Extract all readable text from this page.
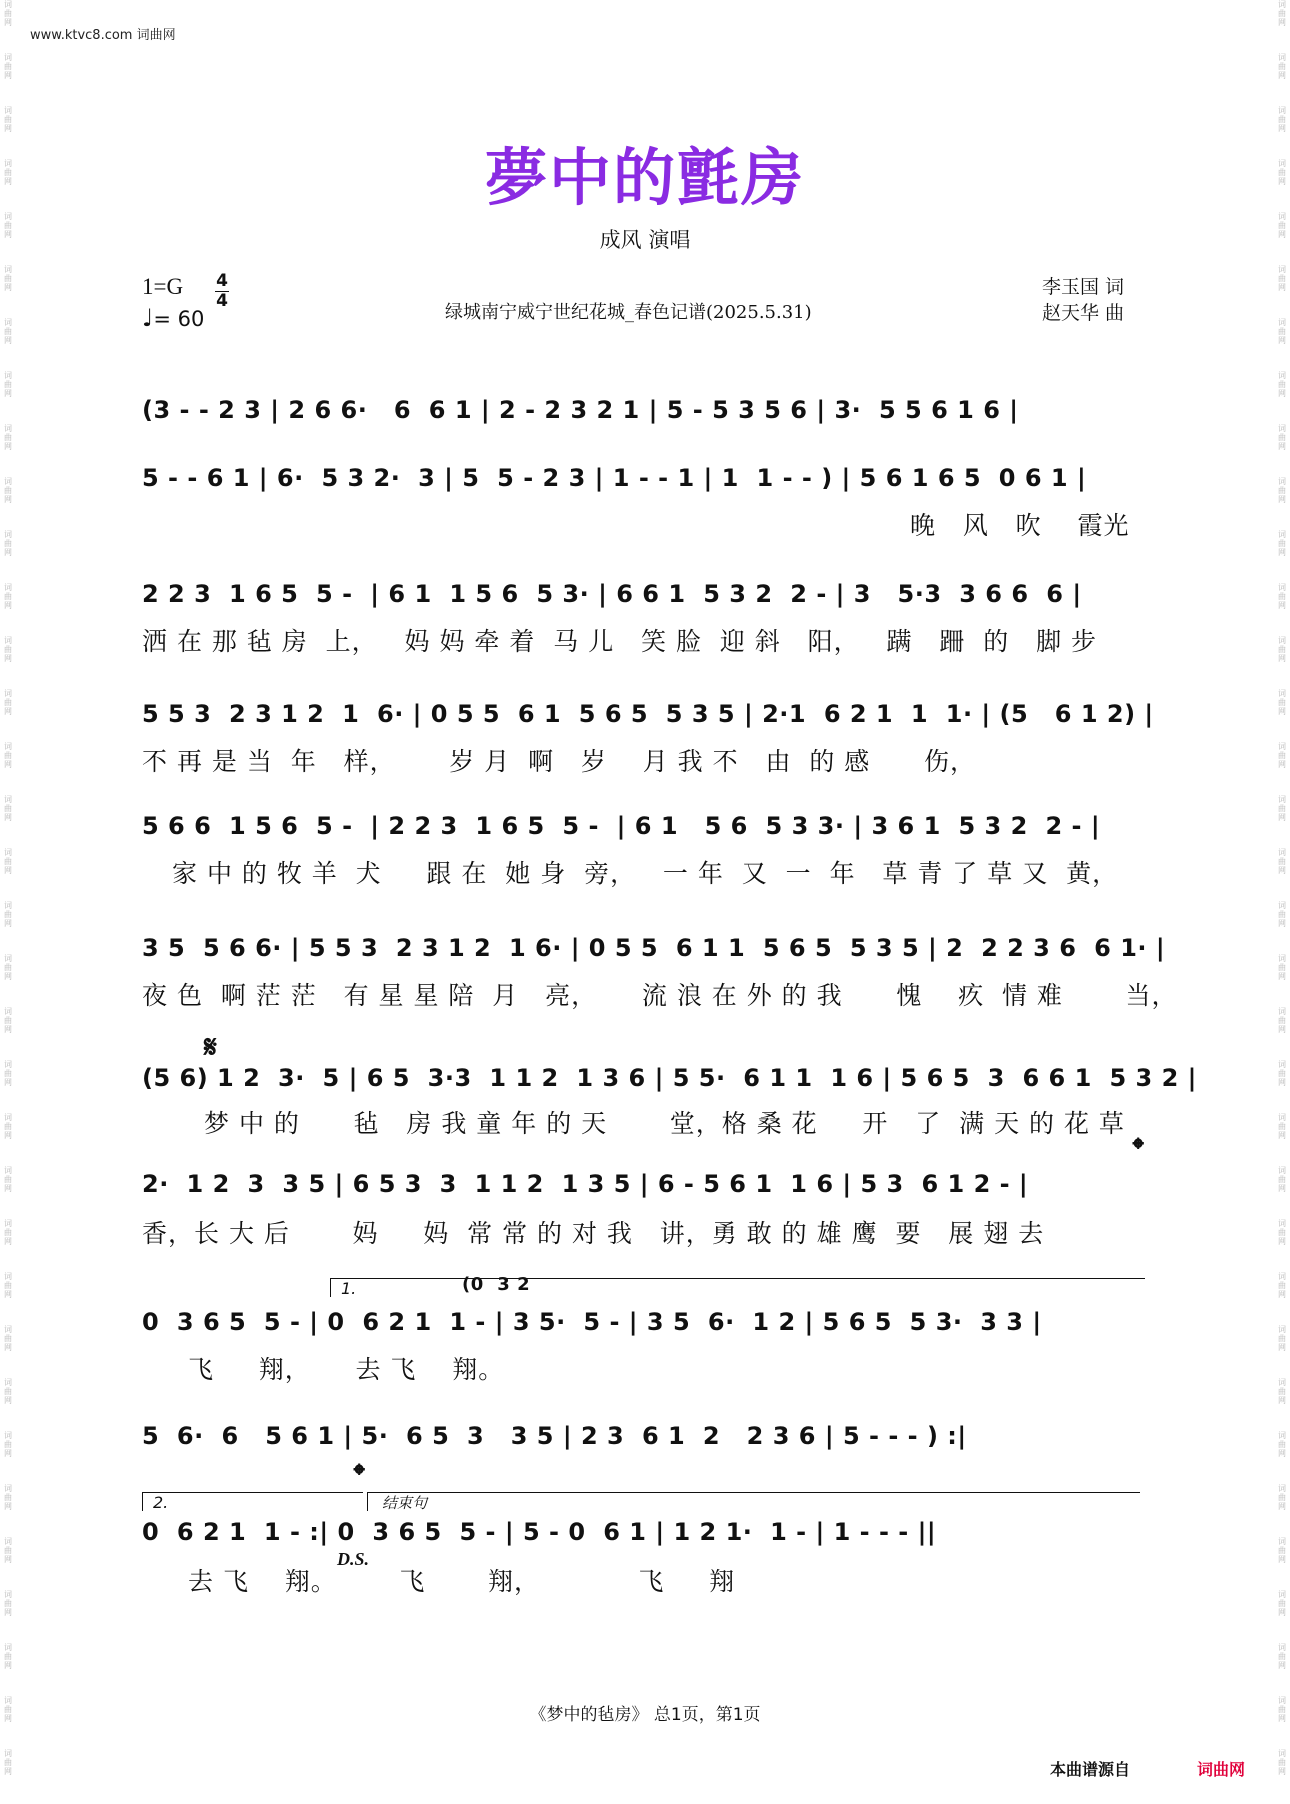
词曲网
词曲网
词曲网
词曲网
词曲网
词曲网
词曲网
词曲网
词曲网
词曲网
词曲网
词曲网
词曲网
词曲网
词曲网
词曲网
词曲网
词曲网
词曲网
词曲网
词曲网
词曲网
词曲网
词曲网
词曲网
词曲网
词曲网
词曲网
词曲网
词曲网
词曲网
词曲网
词曲网
词曲网
词曲网
词曲网
词曲网
词曲网
词曲网
词曲网
词曲网
词曲网
词曲网
词曲网
词曲网
词曲网
词曲网
词曲网
词曲网
词曲网
词曲网
词曲网
词曲网
词曲网
词曲网
词曲网
词曲网
词曲网
词曲网
词曲网
词曲网
词曲网
词曲网
词曲网
词曲网
词曲网
词曲网
词曲网
www.ktvc8.com 词曲网
夢中的氈房
成风 演唱
1=G 4
4
♩= 60	绿城南宁威宁世纪花城_春色记谱(2025.5.31)
李玉国 词
赵天华 曲
(3 - - 2 3 | 2 6 6·   6  6 1 | 2 - 2 3 2 1 | 5 - 5 3 5 6 | 3·  5 5 6 1 6 |
5 - - 6 1 | 6·  5 3 2·  3 | 5  5 - 2 3 | 1 - - 1 | 1  1 - - ) | 5 6 1 6 5  0 6 1 |
晚   风   吹    霞光
2 2 3  1 6 5  5 -  | 6 1  1 5 6  5 3· | 6 6 1  5 3 2  2 - | 3   5·3  3 6 6  6 |
洒 在 那 毡 房  上，   妈 妈 牵 着  马 儿   笑 脸  迎 斜   阳，   蹒   跚  的   脚 步
5 5 3  2 3 1 2  1  6· | 0 5 5  6 1  5 6 5  5 3 5 | 2·1  6 2 1  1  1· | (5   6 1 2) |
不 再 是 当  年   样，      岁 月  啊   岁    月 我 不   由  的 感      伤，
5 6 6  1 5 6  5 -  | 2 2 3  1 6 5  5 -  | 6 1   5 6  5 3 3· | 3 6 1  5 3 2  2 - |
家 中 的 牧 羊  犬     跟 在  她 身  旁，   一 年  又  一  年   草 青 了 草 又  黄，
3 5  5 6 6· | 5 5 3  2 3 1 2  1 6· | 0 5 5  6 1 1  5 6 5  5 3 5 | 2  2 2 3 6  6 1· |
夜 色  啊 茫 茫   有 星 星 陪  月   亮，     流 浪 在 外 的 我      愧    疚  情 难       当，
𝄋
(5 6) 1 2  3·  5 | 6 5  3·3  1 1 2  1 3 6 | 5 5·  6 1 1  1 6 | 5 6 5  3  6 6 1  5 3 2 |
梦 中 的      毡   房 我 童 年 的 天       堂，格 桑 花     开   了  满 天 的 花 草
𝄌
2·  1 2  3  3 5 | 6 5 3  3  1 1 2  1 3 5 | 6 - 5 6 1  1 6 | 5 3  6 1 2 - |
香，长 大 后       妈     妈  常 常 的 对 我   讲，勇 敢 的 雄 鹰  要   展 翅 去
1.	(0  3 2
0  3 6 5  5 - | 0  6 2 1  1 - | 3 5·  5 - | 3 5  6·  1 2 | 5 6 5  5 3·  3 3 |
飞     翔，     去 飞    翔。
5  6·  6   5 6 1 | 5·  6 5  3   3 5 | 2 3  6 1  2   2 3 6 | 5 - - - ) :|
𝄌
2.	结束句
0  6 2 1  1 - :| 0  3 6 5  5 - | 5 - 0  6 1 | 1 2 1·  1 - | 1 - - - ||
D.S.
去 飞    翔。       飞       翔，           飞     翔
《梦中的毡房》 总1页，第1页
本曲谱源自	词曲网
